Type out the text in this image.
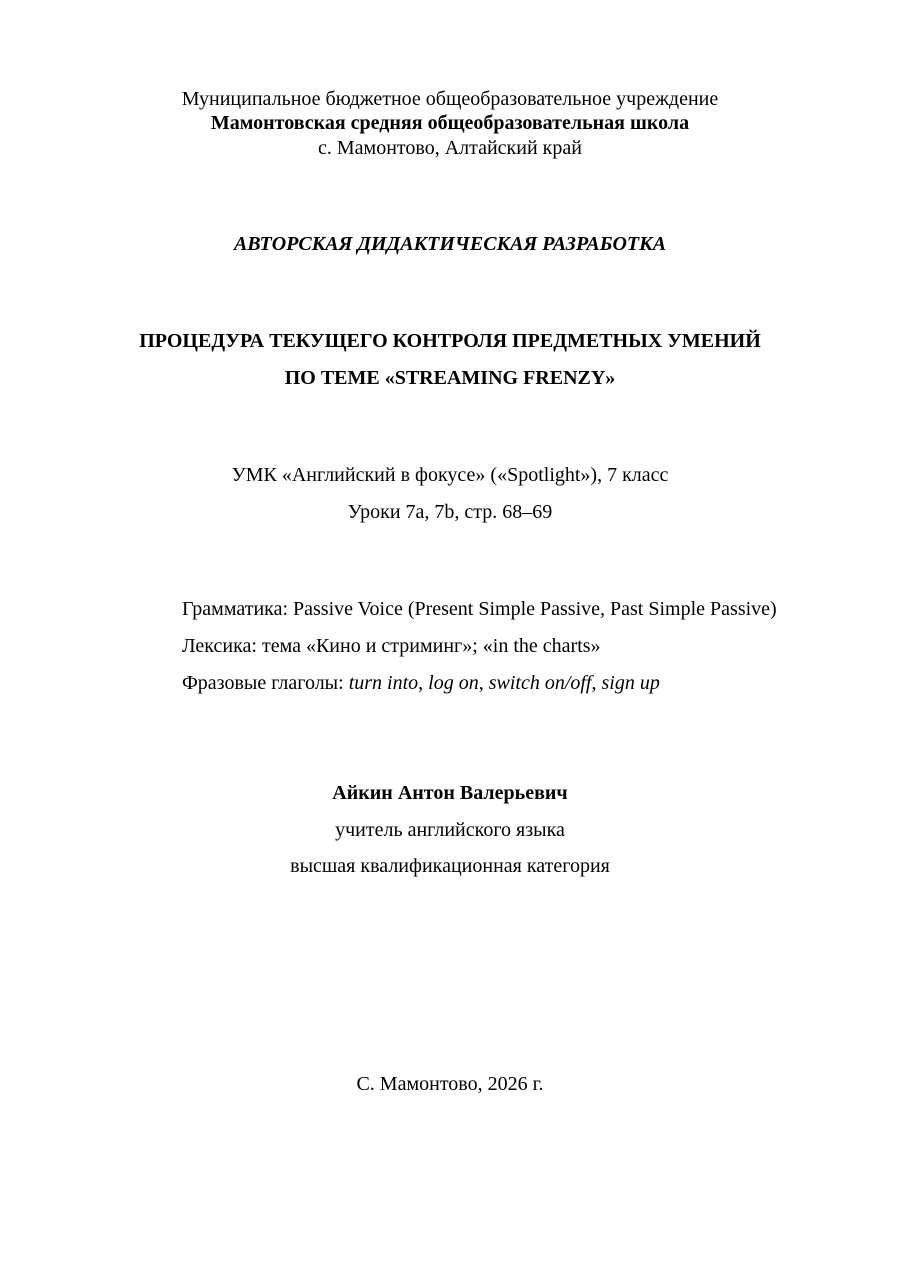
Муниципальное бюджетное общеобразовательное учреждение
Мамонтовская средняя общеобразовательная школа
с. Мамонтово, Алтайский край
АВТОРСКАЯ ДИДАКТИЧЕСКАЯ РАЗРАБОТКА
ПРОЦЕДУРА ТЕКУЩЕГО КОНТРОЛЯ ПРЕДМЕТНЫХ УМЕНИЙ
ПО ТЕМЕ «STREAMING FRENZY»
УМК «Английский в фокусе» («Spotlight»), 7 класс
Уроки 7a, 7b, стр. 68–69
Грамматика: Passive Voice (Present Simple Passive, Past Simple Passive)
Лексика: тема «Кино и стриминг»; «in the charts»
Фразовые глаголы: turn into, log on, switch on/off, sign up
Айкин Антон Валерьевич
учитель английского языка
высшая квалификационная категория
С. Мамонтово, 2026 г.
